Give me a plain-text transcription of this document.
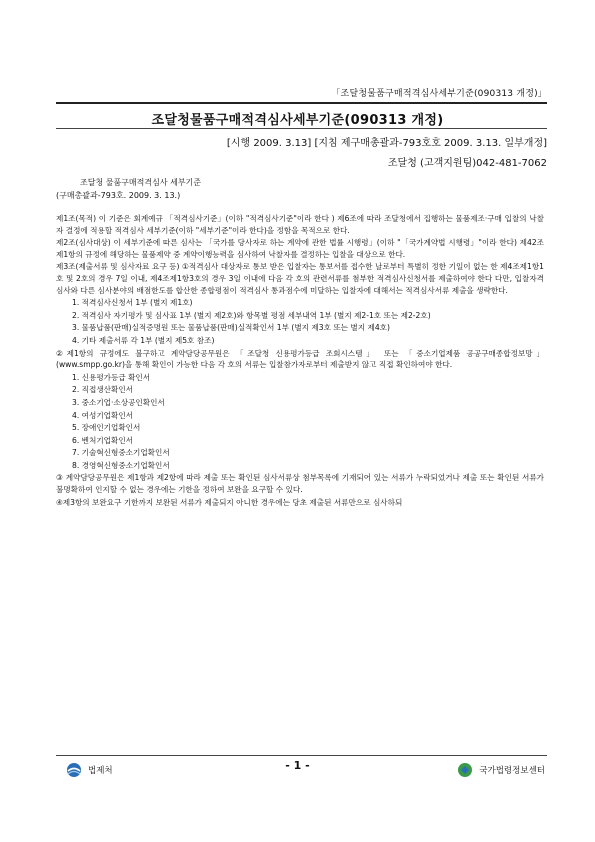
「조달청물품구매적격심사세부기준(090313 개정)」
조달청물품구매적격심사세부기준(090313 개정)
[시행 2009. 3.13] [지침 제구매총괄과-793호호 2009. 3.13. 일부개정]
조달청 (고객지원팀)042-481-7062
조달청 물품구매적격심사 세부기준
(구매총괄과-793호. 2009. 3. 13.)

제1조(목적) 이 기준은 회계예규 「적격심사기준」(이하 "적격심사기준"이라 한다 ) 제6조에 따라 조달청에서 집행하는 물품제조·구매 입찰의 낙찰자 결정에 적용할 적격심사 세부기준(이하 "세부기준"이라 한다)을 정함을 목적으로 한다.

제2조(심사대상) 이 세부기준에 따른 심사는 「국가를 당사자로 하는 계약에 관한 법률 시행령」(이하 "「국가계약법 시행령」"이라 한다) 제42조제1항의 규정에 해당하는 물품제약 중 계약이행능력을 심사하여 낙찰자를 결정하는 입찰을 대상으로 한다.

제3조(제출서류 및 심사자료 요구 등) ①적격심사 대상자로 통보 받은 입찰자는 통보서를 접수한 날로부터 특별히 정한 기일이 없는 한 제4조제1항1호 및 2호의 경우 7일 이내, 제4조제1항3호의 경우 3일 이내에 다음 각 호의 관련서류를 첨부한 적격심사신청서를 제출하여야 한다 다만, 입찰자격심사와 다른 심사분야의 배점한도를 합산한 종합평점이 적격심사 통과점수에 미달하는 입찰자에 대해서는 적격심사서류 제출을 생략한다.

1. 적격심사신청서 1부 (별지 제1호)

2. 적격심사 자기평가 및 심사표 1부 (별지 제2호)와 항목별 평점 세부내역 1부 (별지 제2-1호 또는 제2-2호)

3. 물품납품(판매)실적증명원 또는 물품납품(판매)실적확인서 1부 (별지 제3호 또는 별지 제4호)

4. 기타 제출서류 각 1부 (별지 제5호 참조)

②제1항의 규정에도 불구하고 계약담당공무원은 「조달청 신용평가등급 조회시스템」 또는 「중소기업제품 공공구매종합정보망」(www.smpp.go.kr)을 통해 확인이 가능한 다음 각 호의 서류는 입찰참가자로부터 제출받지 않고 직접 확인하여야 한다.

1. 신용평가등급 확인서

2. 직접생산확인서

3. 중소기업·소상공인확인서

4. 여성기업확인서

5. 장애인기업확인서

6. 벤처기업확인서

7. 기술혁신형중소기업확인서

8. 경영혁신형중소기업확인서

③ 계약담당공무원은 제1항과 제2항에 따라 제출 또는 확인된 심사서류상 첨부목록에 기재되어 있는 서류가 누락되었거나 제출 또는 확인된 서류가 불명확하여 인지할 수 없는 경우에는 기한을 정하여 보완을 요구할 수 있다.

④제3항의 보완요구 기한까지 보완된 서류가 제출되지 아니한 경우에는 당초 제출된 서류만으로 심사하되

법제처	- 1 -	국가법령정보센터
